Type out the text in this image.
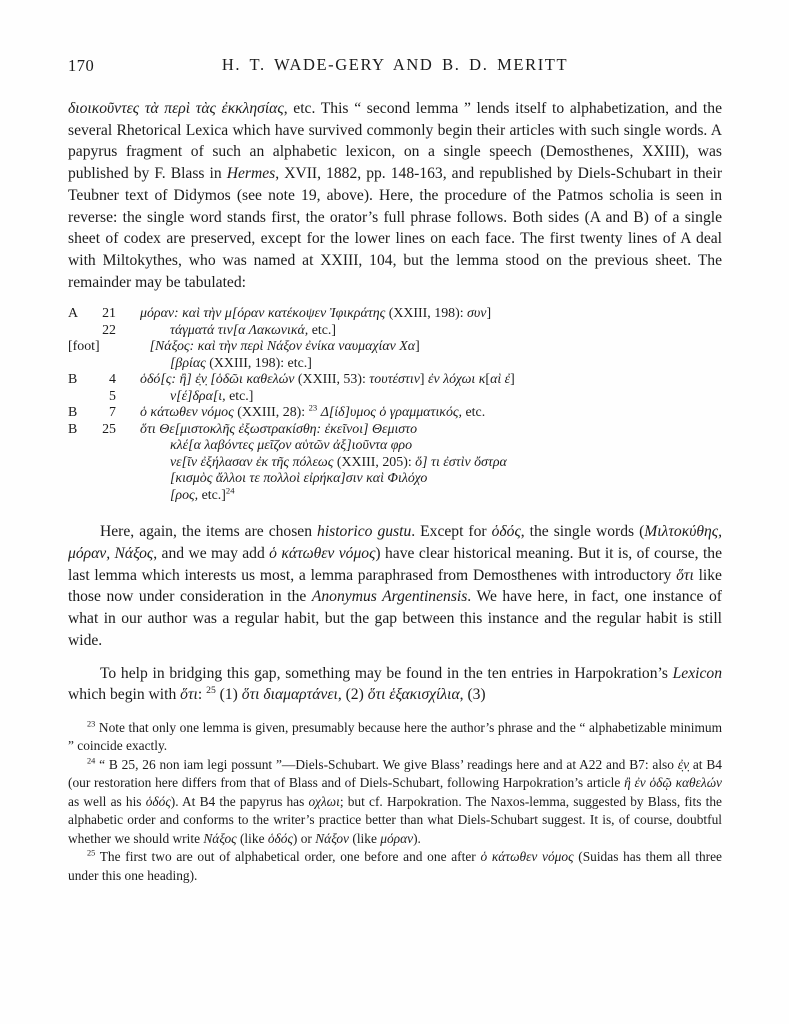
170	H. T. WADE-GERY AND B. D. MERITT

διοικοῦντες τὰ περὶ τὰς ἐκκλησίας, etc. This “ second lemma ” lends itself to alphabetization, and the several Rhetorical Lexica which have survived commonly begin their articles with such single words. A papyrus fragment of such an alphabetic lexicon, on a single speech (Demosthenes, XXIII), was published by F. Blass in Hermes, XVII, 1882, pp. 148-163, and republished by Diels-Schubart in their Teubner text of Didymos (see note 19, above). Here, the procedure of the Patmos scholia is seen in reverse: the single word stands first, the orator’s full phrase follows. Both sides (A and B) of a single sheet of codex are preserved, except for the lower lines on each face. The first twenty lines of A deal with Miltokythes, who was named at XXIII, 104, but the lemma stood on the previous sheet. The remainder may be tabulated:

A	21 μόραν: καὶ τὴν μ[όραν κατέκοψεν Ἰφικράτης (XXIII, 198): συν]
22	τάγματά τιν[α Λακωνικά, etc.]
[foot]	[Νάξος: καὶ τὴν περὶ Νάξον ἐνίκα ναυμαχίαν Χα]
[βρίας (XXIII, 198): etc.]
B	4 ὁδό[ς: ἢ] ἐ̣ν̣ [ὁδῶι καθελών (XXIII, 53): τουτέστιν] ἐν λόχωι κ[αὶ ἐ]
5	ν[έ]δρα[ι, etc.]
B	7 ὁ κάτωθεν νόμος (XXIII, 28): $^{23}$ Δ[ίδ]υμος ὁ γραμματικός, etc.
B	25 ὅτι Θε[μιστοκλῆς ἐξωστρακίσθη: ἐκεῖνοι] Θεμιστο
κλέ[α λαβόντες μεῖζον αὑτῶν ἀξ]ιοῦντα φρο
νε[ῖν ἐξήλασαν ἐκ τῆς πόλεως (XXIII, 205): ὅ] τι ἐστὶν ὄστρα
[κισμὸς ἄλλοι τε πολλοὶ εἰρήκα]σιν καὶ Φιλόχο
[ρος, etc.]$^{24}$

Here, again, the items are chosen historico gustu. Except for ὁδός, the single words (Μιλτοκύθης, μόραν, Νάξος, and we may add ὁ κάτωθεν νόμος) have clear historical meaning. But it is, of course, the last lemma which interests us most, a lemma paraphrased from Demosthenes with introductory ὅτι like those now under consideration in the Anonymus Argentinensis. We have here, in fact, one instance of what in our author was a regular habit, but the gap between this instance and the regular habit is still wide.

To help in bridging this gap, something may be found in the ten entries in Harpokration’s Lexicon which begin with ὅτι: $^{25}$ (1) ὅτι διαμαρτάνει, (2) ὅτι ἑξακισχίλια, (3)

$^{23}$ Note that only one lemma is given, presumably because here the author’s phrase and the “ alphabetizable minimum ” coincide exactly.

$^{24}$ “ B 25, 26 non iam legi possunt ”—Diels-Schubart. We give Blass’ readings here and at A22 and B7: also ἐ̣ν̣ at B4 (our restoration here differs from that of Blass and of Diels-Schubart, following Harpokration’s article ἢ ἐν ὁδῷ καθελών as well as his ὁδός). At B4 the papyrus has οχλωι; but cf. Harpokration. The Naxos-lemma, suggested by Blass, fits the alphabetic order and conforms to the writer’s practice better than what Diels-Schubart suggest. It is, of course, doubtful whether we should write Νάξος (like ὁδός) or Νάξον (like μόραν).

$^{25}$ The first two are out of alphabetical order, one before and one after ὁ κάτωθεν νόμος (Suidas has them all three under this one heading).
